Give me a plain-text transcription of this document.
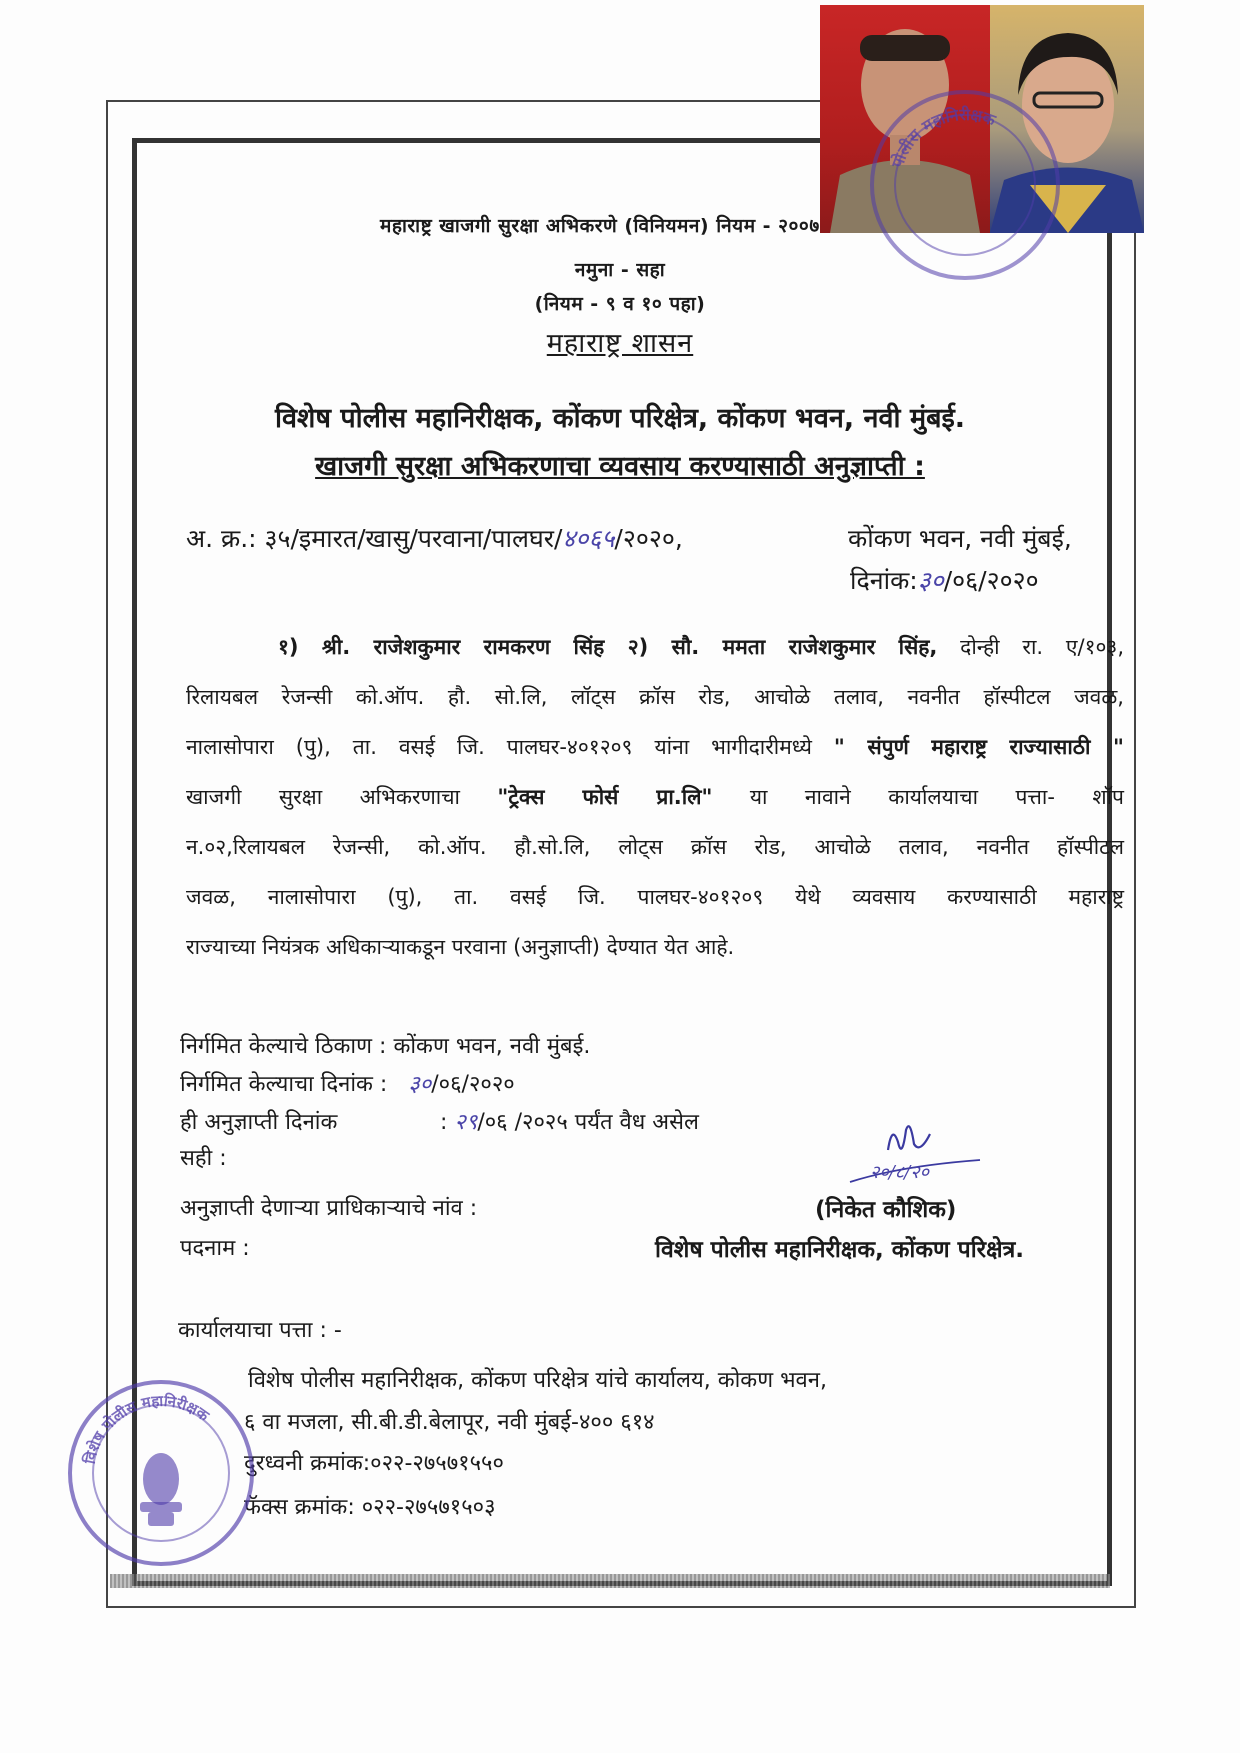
पोलीस महानिरीक्षक
महाराष्ट्र खाजगी सुरक्षा अभिकरणे (विनियमन) नियम - २००७
नमुना - सहा
(नियम - ९ व १० पहा)
महाराष्ट्र शासन
विशेष पोलीस महानिरीक्षक, कोंकण परिक्षेत्र, कोंकण भवन, नवी मुंबई.
खाजगी सुरक्षा अभिकरणाचा व्यवसाय करण्यासाठी अनुज्ञाप्ती :
अ. क्र.: ३५/इमारत/खासु/परवाना/पालघर/४०६५/२०२०,	कोंकण भवन, नवी मुंबई,
दिनांक:३०/०६/२०२०
१) श्री. राजेशकुमार रामकरण सिंह २) सौ. ममता राजेशकुमार सिंह, दोन्ही रा. ए/१०३,
रिलायबल रेजन्सी को.ऑप. हौ. सो.लि, लॉट्स क्रॉस रोड, आचोळे तलाव, नवनीत हॉस्पीटल जवळ,
नालासोपारा (पु), ता. वसई जि. पालघर-४०१२०९ यांना भागीदारीमध्ये " संपुर्ण महाराष्ट्र राज्यासाठी "
खाजगी सुरक्षा अभिकरणाचा "ट्रेक्स फोर्स प्रा.लि" या नावाने कार्यालयाचा पत्ता- शॉप
न.०२,रिलायबल रेजन्सी, को.ऑप. हौ.सो.लि, लोट्स क्रॉस रोड, आचोळे तलाव, नवनीत हॉस्पीटल
जवळ, नालासोपारा (पु), ता. वसई जि. पालघर-४०१२०९ येथे व्यवसाय करण्यासाठी महाराष्ट्र
राज्याच्या नियंत्रक अधिकाऱ्याकडून परवाना (अनुज्ञाप्ती) देण्यात येत आहे.
निर्गमित केल्याचे ठिकाण : कोंकण भवन, नवी मुंबई.
निर्गमित केल्याचा दिनांक : ३०/०६/२०२०
ही अनुज्ञाप्ती दिनांक	: २९/०६ /२०२५ पर्यंत वैध असेल
सही :
२०/८/२०
अनुज्ञाप्ती देणाऱ्या प्राधिकाऱ्याचे नांव :	(निकेत कौशिक)
पदनाम :	विशेष पोलीस महानिरीक्षक, कोंकण परिक्षेत्र.
कार्यालयाचा पत्ता : -
विशेष पोलीस महानिरीक्षक, कोंकण परिक्षेत्र यांचे कार्यालय, कोकण भवन,
६ वा मजला, सी.बी.डी.बेलापूर, नवी मुंबई-४०० ६१४
दुरध्वनी क्रमांक:०२२-२७५७१५५०
फॅक्स क्रमांक: ०२२-२७५७१५०३
विशेष पोलीस महानिरीक्षक
